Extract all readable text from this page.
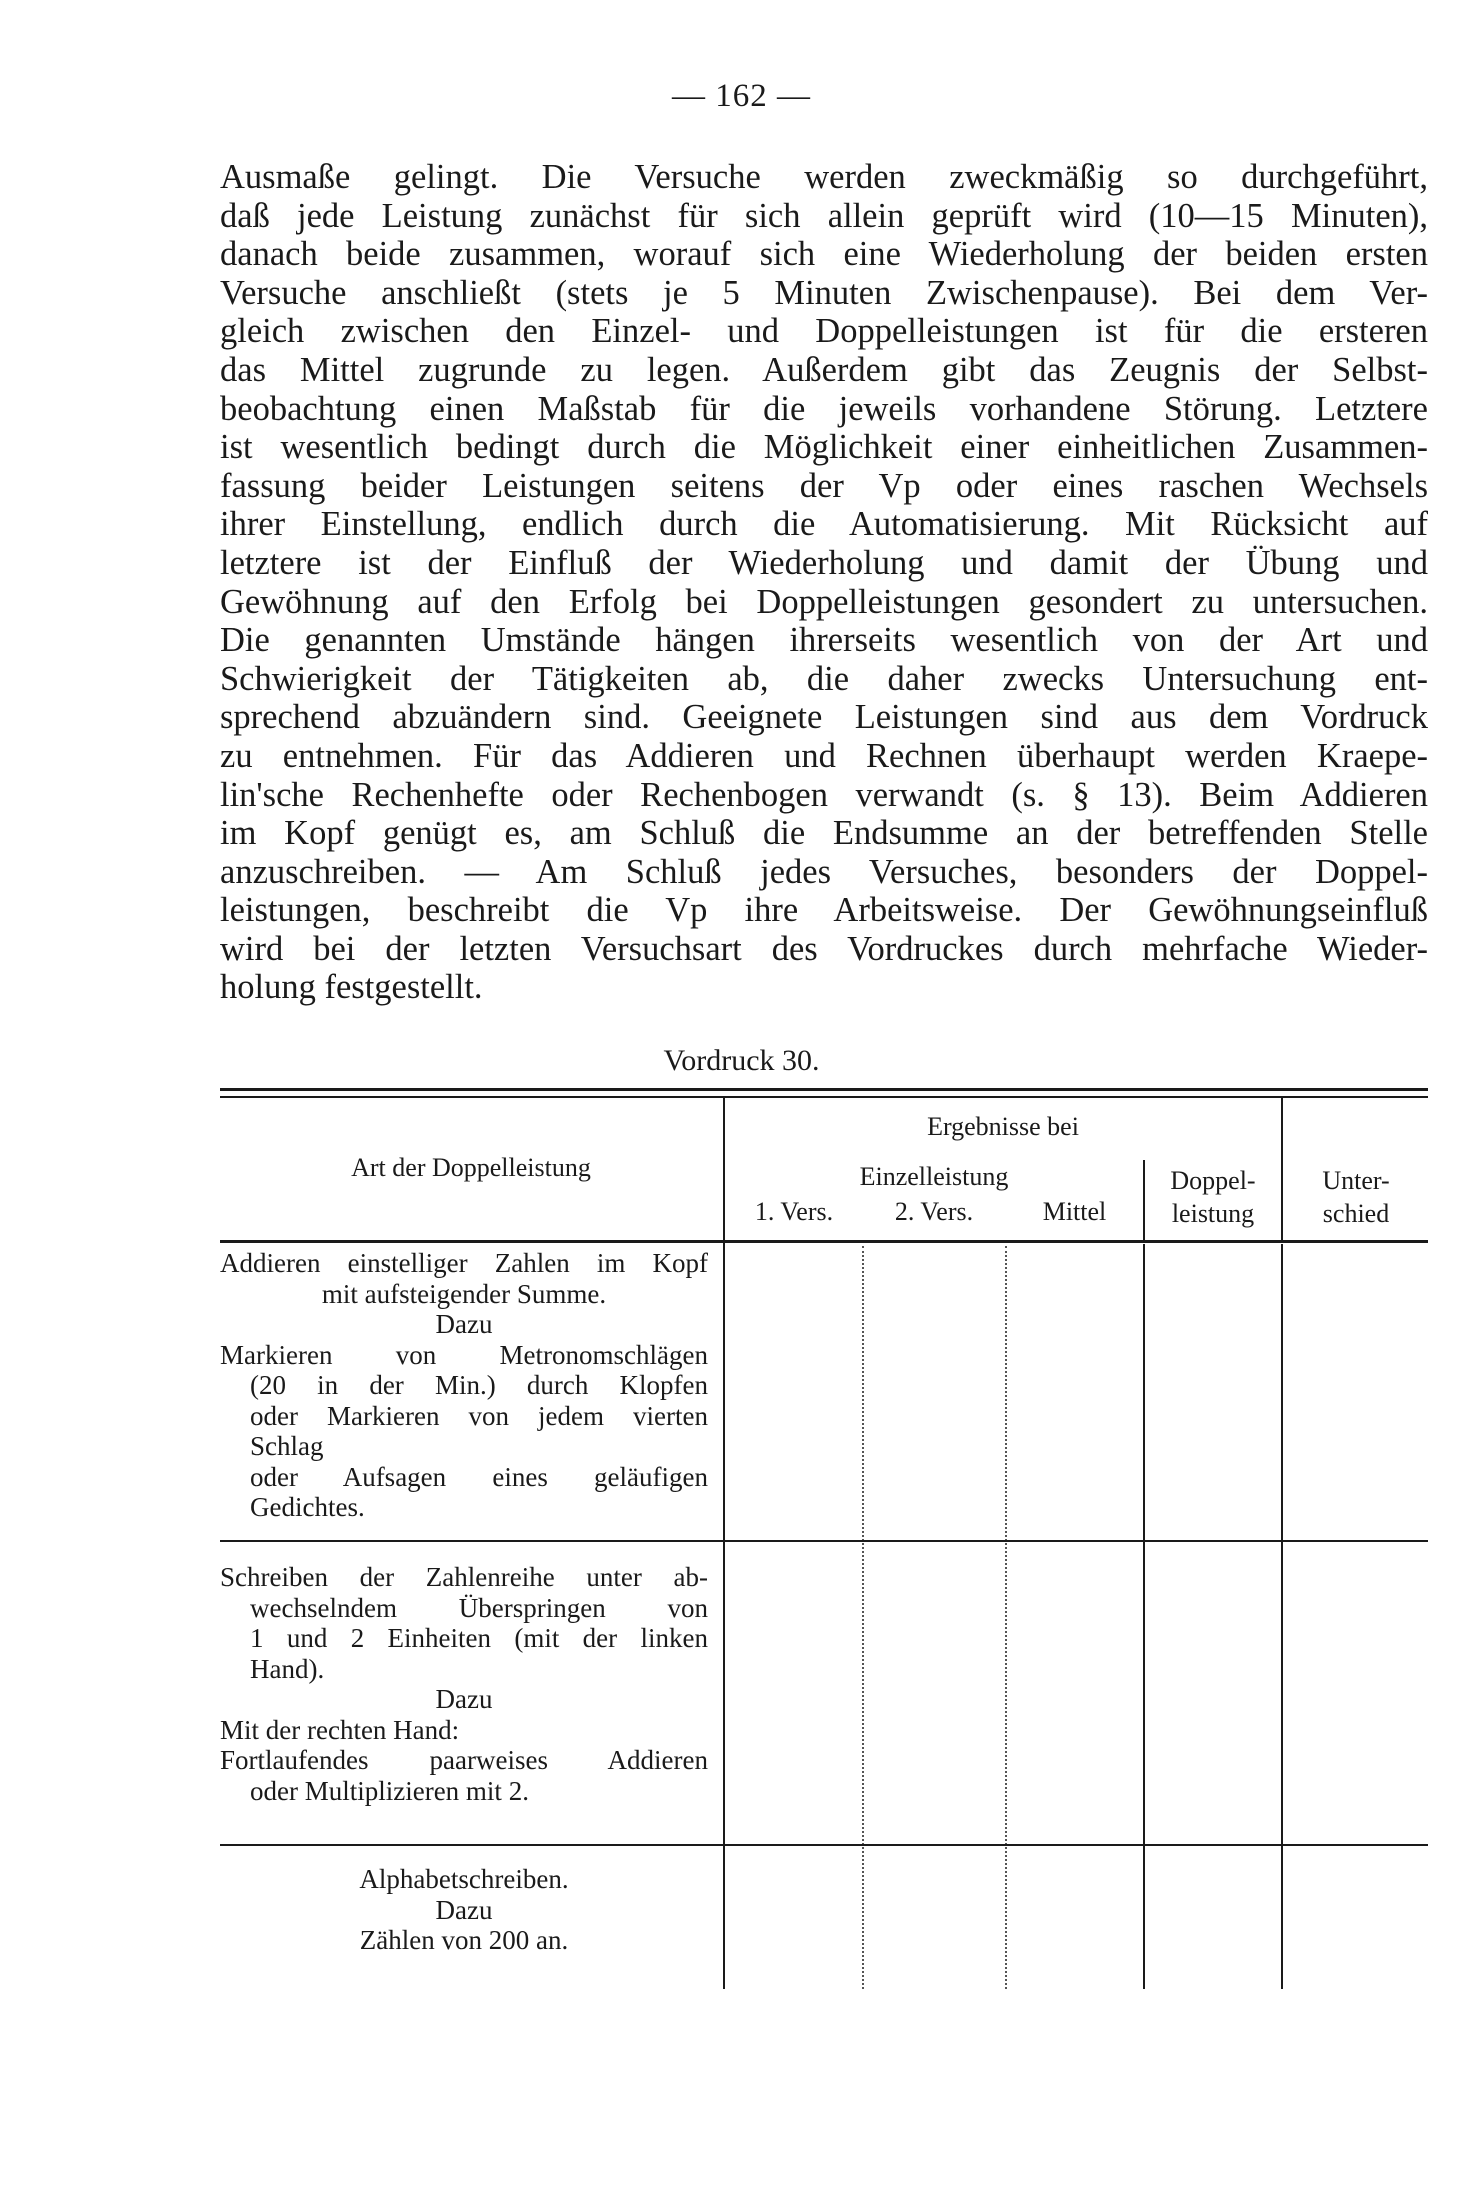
— 162 —
Ausmaße gelingt. Die Versuche werden zweckmäßig so durchgeführt,
daß jede Leistung zunächst für sich allein geprüft wird (10—15 Minuten),
danach beide zusammen, worauf sich eine Wiederholung der beiden ersten
Versuche anschließt (stets je 5 Minuten Zwischenpause). Bei dem Ver-
gleich zwischen den Einzel- und Doppelleistungen ist für die ersteren
das Mittel zugrunde zu legen. Außerdem gibt das Zeugnis der Selbst-
beobachtung einen Maßstab für die jeweils vorhandene Störung. Letztere
ist wesentlich bedingt durch die Möglichkeit einer einheitlichen Zusammen-
fassung beider Leistungen seitens der Vp oder eines raschen Wechsels
ihrer Einstellung, endlich durch die Automatisierung. Mit Rücksicht auf
letztere ist der Einfluß der Wiederholung und damit der Übung und
Gewöhnung auf den Erfolg bei Doppelleistungen gesondert zu untersuchen.
Die genannten Umstände hängen ihrerseits wesentlich von der Art und
Schwierigkeit der Tätigkeiten ab, die daher zwecks Untersuchung ent-
sprechend abzuändern sind. Geeignete Leistungen sind aus dem Vordruck
zu entnehmen. Für das Addieren und Rechnen überhaupt werden Kraepe-
lin'sche Rechenhefte oder Rechenbogen verwandt (s. § 13). Beim Addieren
im Kopf genügt es, am Schluß die Endsumme an der betreffenden Stelle
anzuschreiben. — Am Schluß jedes Versuches, besonders der Doppel-
leistungen, beschreibt die Vp ihre Arbeitsweise. Der Gewöhnungseinfluß
wird bei der letzten Versuchsart des Vordruckes durch mehrfache Wieder-
holung festgestellt.
Vordruck 30.
Art der Doppelleistung
Ergebnisse bei
Einzelleistung
1. Vers.	2. Vers.	Mittel
Doppel-
leistung
Unter-
schied
Addieren einstelliger Zahlen im Kopf
mit aufsteigender Summe.
Dazu
Markieren von Metronomschlägen
(20 in der Min.) durch Klopfen
oder Markieren von jedem vierten
Schlag
oder Aufsagen eines geläufigen
Gedichtes.
Schreiben der Zahlenreihe unter ab-
wechselndem Überspringen von
1 und 2 Einheiten (mit der linken
Hand).
Dazu
Mit der rechten Hand:
Fortlaufendes paarweises Addieren
oder Multiplizieren mit 2.
Alphabetschreiben.
Dazu
Zählen von 200 an.
